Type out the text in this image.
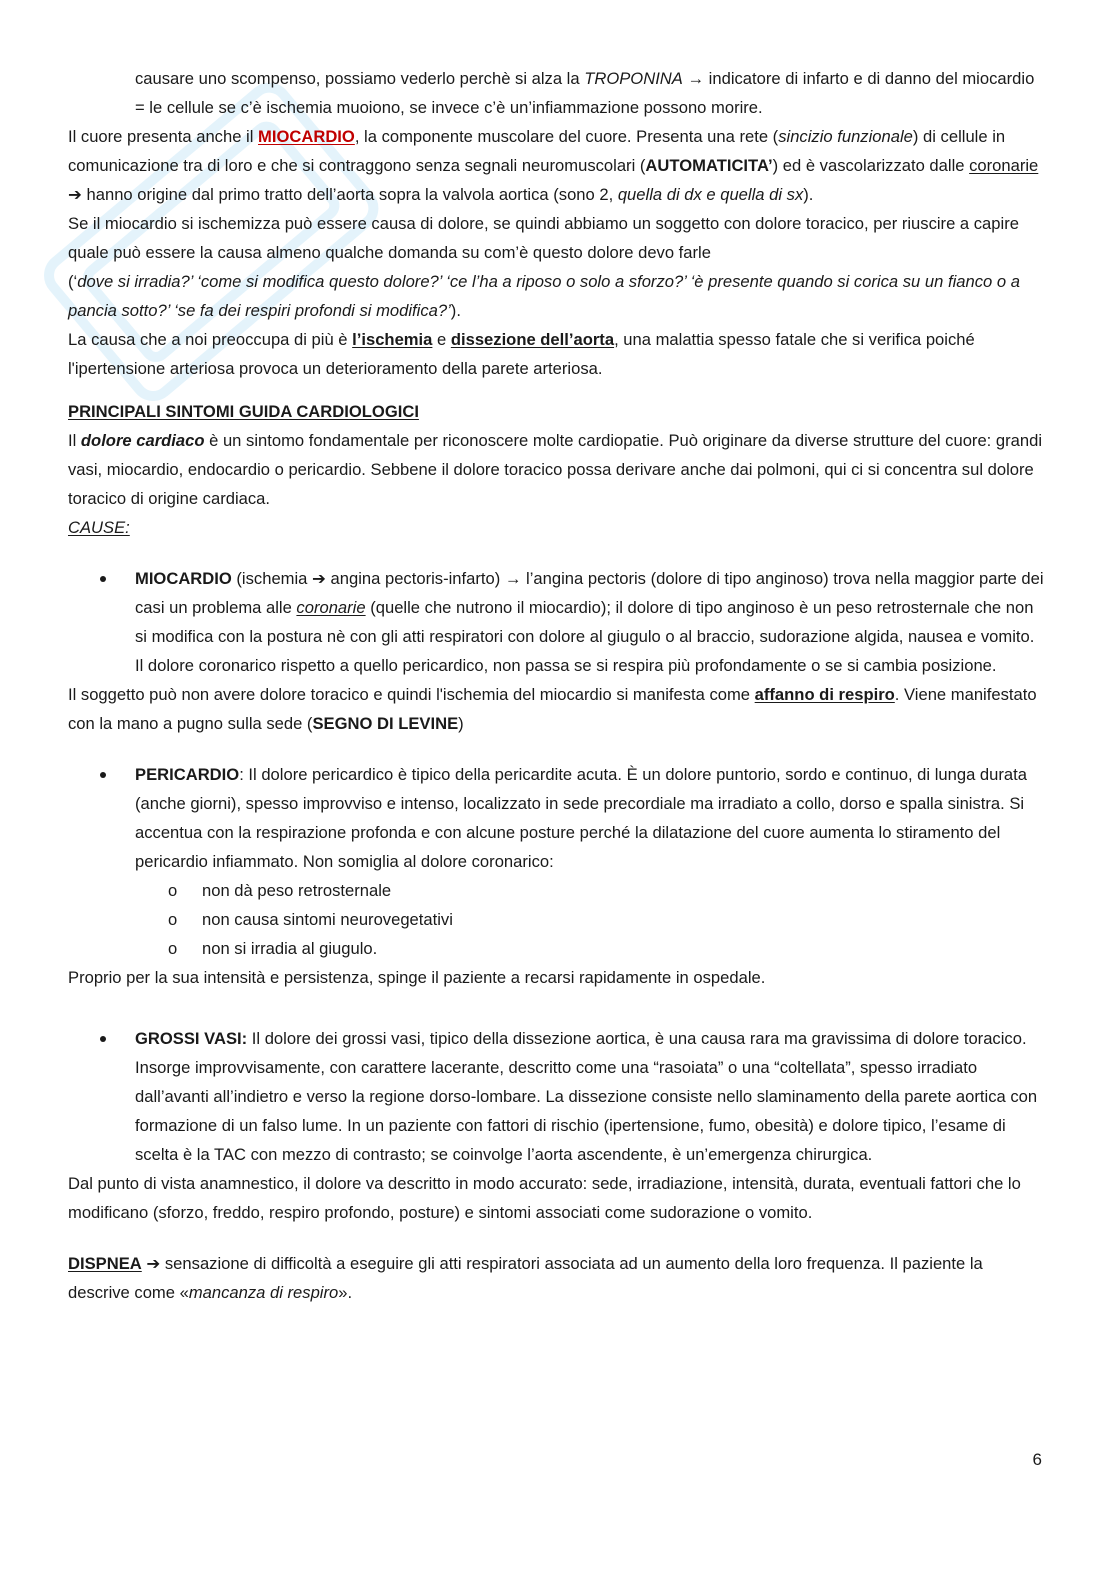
causare uno scompenso, possiamo vederlo perchè si alza la TROPONINA → indicatore di infarto e di danno del miocardio = le cellule se c’è ischemia muoiono, se invece c’è un’infiammazione possono morire.

Il cuore presenta anche il MIOCARDIO, la componente muscolare del cuore. Presenta una rete (sincizio funzionale) di cellule in comunicazione tra di loro e che si contraggono senza segnali neuromuscolari (AUTOMATICITA’) ed è vascolarizzato dalle coronarie ➔ hanno origine dal primo tratto dell’aorta sopra la valvola aortica (sono 2, quella di dx e quella di sx).

Se il miocardio si ischemizza può essere causa di dolore, se quindi abbiamo un soggetto con dolore toracico, per riuscire a capire quale può essere la causa almeno qualche domanda su com’è questo dolore devo farle
(‘dove si irradia?’ ‘come si modifica questo dolore?’ ‘ce l’ha a riposo o solo a sforzo?’ ‘è presente quando si corica su un fianco o a pancia sotto?’ ‘se fa dei respiri profondi si modifica?’).

La causa che a noi preoccupa di più è l’ischemia e dissezione dell’aorta, una malattia spesso fatale che si verifica poiché l'ipertensione arteriosa provoca un deterioramento della parete arteriosa.

PRINCIPALI SINTOMI GUIDA CARDIOLOGICI

Il dolore cardiaco è un sintomo fondamentale per riconoscere molte cardiopatie. Può originare da diverse strutture del cuore: grandi vasi, miocardio, endocardio o pericardio. Sebbene il dolore toracico possa derivare anche dai polmoni, qui ci si concentra sul dolore toracico di origine cardiaca.

CAUSE:

MIOCARDIO (ischemia ➔ angina pectoris-infarto) → l’angina pectoris (dolore di tipo anginoso) trova nella maggior parte dei casi un problema alle coronarie (quelle che nutrono il miocardio); il dolore di tipo anginoso è un peso retrosternale che non si modifica con la postura nè con gli atti respiratori con dolore al giugulo o al braccio, sudorazione algida, nausea e vomito. Il dolore coronarico rispetto a quello pericardico, non passa se si respira più profondamente o se si cambia posizione.

Il soggetto può non avere dolore toracico e quindi l'ischemia del miocardio si manifesta come affanno di respiro. Viene manifestato con la mano a pugno sulla sede (SEGNO DI LEVINE)

PERICARDIO: Il dolore pericardico è tipico della pericardite acuta. È un dolore puntorio, sordo e continuo, di lunga durata (anche giorni), spesso improvviso e intenso, localizzato in sede precordiale ma irradiato a collo, dorso e spalla sinistra. Si accentua con la respirazione profonda e con alcune posture perché la dilatazione del cuore aumenta lo stiramento del pericardio infiammato. Non somiglia al dolore coronarico:

o non dà peso retrosternale

o non causa sintomi neurovegetativi

o non si irradia al giugulo.

Proprio per la sua intensità e persistenza, spinge il paziente a recarsi rapidamente in ospedale.

GROSSI VASI: Il dolore dei grossi vasi, tipico della dissezione aortica, è una causa rara ma gravissima di dolore toracico. Insorge improvvisamente, con carattere lacerante, descritto come una “rasoiata” o una “coltellata”, spesso irradiato dall’avanti all’indietro e verso la regione dorso-lombare. La dissezione consiste nello slaminamento della parete aortica con formazione di un falso lume. In un paziente con fattori di rischio (ipertensione, fumo, obesità) e dolore tipico, l’esame di scelta è la TAC con mezzo di contrasto; se coinvolge l’aorta ascendente, è un’emergenza chirurgica.

Dal punto di vista anamnestico, il dolore va descritto in modo accurato: sede, irradiazione, intensità, durata, eventuali fattori che lo modificano (sforzo, freddo, respiro profondo, posture) e sintomi associati come sudorazione o vomito.

DISPNEA ➔ sensazione di difficoltà a eseguire gli atti respiratori associata ad un aumento della loro frequenza. Il paziente la descrive come «mancanza di respiro».

6
